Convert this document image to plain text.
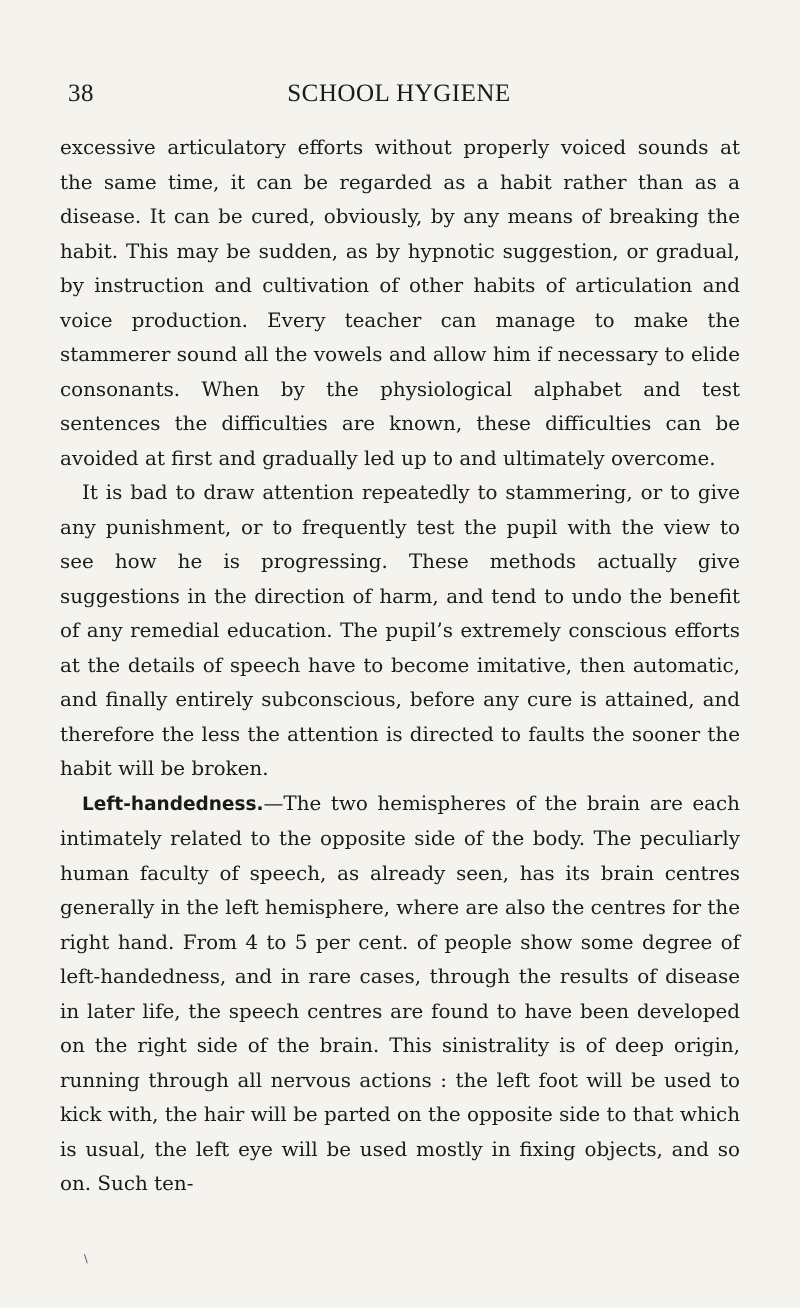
38	SCHOOL HYGIENE

excessive articulatory efforts without properly voiced sounds at the same time, it can be regarded as a habit rather than as a disease. It can be cured, obviously, by any means of breaking the habit. This may be sudden, as by hypnotic suggestion, or gradual, by instruction and cultivation of other habits of articulation and voice production. Every teacher can manage to make the stammerer sound all the vowels and allow him if necessary to elide consonants. When by the physiological alphabet and test sentences the difficulties are known, these difficulties can be avoided at first and gradually led up to and ultimately overcome.

It is bad to draw attention repeatedly to stammering, or to give any punishment, or to frequently test the pupil with the view to see how he is progressing. These methods actually give suggestions in the direction of harm, and tend to undo the benefit of any remedial education. The pupil’s extremely conscious efforts at the details of speech have to become imitative, then automatic, and finally entirely subconscious, before any cure is attained, and therefore the less the attention is directed to faults the sooner the habit will be broken.

Left-handedness.—The two hemispheres of the brain are each intimately related to the opposite side of the body. The peculiarly human faculty of speech, as already seen, has its brain centres generally in the left hemisphere, where are also the centres for the right hand. From 4 to 5 per cent. of people show some degree of left-handedness, and in rare cases, through the results of disease in later life, the speech centres are found to have been developed on the right side of the brain. This sinistrality is of deep origin, running through all nervous actions : the left foot will be used to kick with, the hair will be parted on the opposite side to that which is usual, the left eye will be used mostly in fixing objects, and so on. Such ten-

\
